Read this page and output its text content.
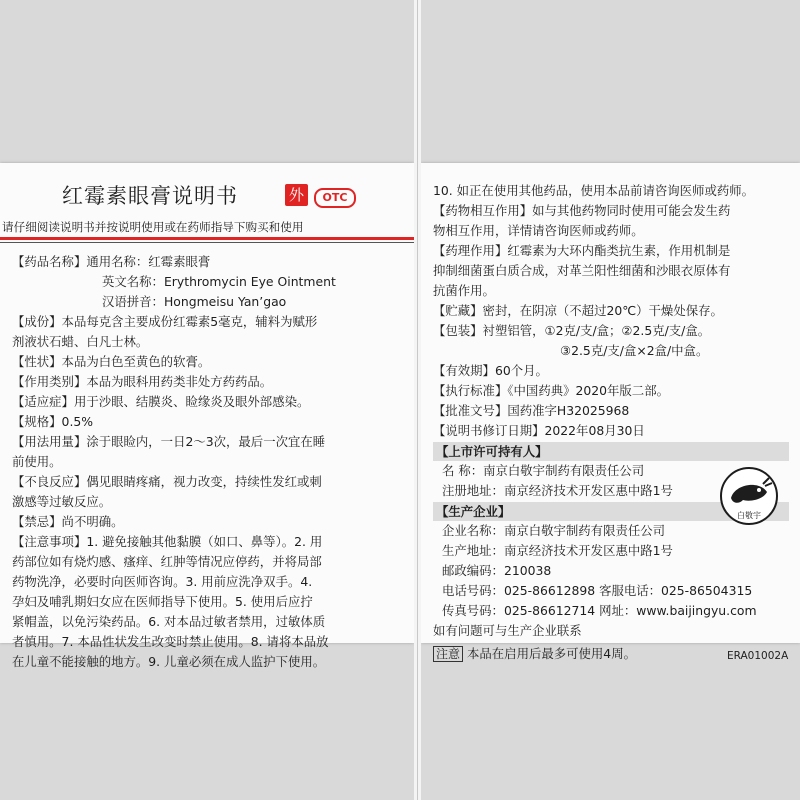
红霉素眼膏说明书	外	OTC
请仔细阅读说明书并按说明使用或在药师指导下购买和使用
【药品名称】通用名称：红霉素眼膏
英文名称：Erythromycin Eye Ointment
汉语拼音：Hongmeisu Yan’gao
【成份】本品每克含主要成份红霉素5毫克，辅料为赋形
剂液状石蜡、白凡士林。
【性状】本品为白色至黄色的软膏。
【作用类别】本品为眼科用药类非处方药药品。
【适应症】用于沙眼、结膜炎、睑缘炎及眼外部感染。
【规格】0.5%
【用法用量】涂于眼睑内，一日2～3次，最后一次宜在睡
前使用。
【不良反应】偶见眼睛疼痛，视力改变，持续性发红或刺
激感等过敏反应。
【禁忌】尚不明确。
【注意事项】1. 避免接触其他黏膜（如口、鼻等）。2. 用
药部位如有烧灼感、瘙痒、红肿等情况应停药，并将局部
药物洗净，必要时向医师咨询。3. 用前应洗净双手。4.
孕妇及哺乳期妇女应在医师指导下使用。5. 使用后应拧
紧帽盖，以免污染药品。6. 对本品过敏者禁用，过敏体质
者慎用。7. 本品性状发生改变时禁止使用。8. 请将本品放
在儿童不能接触的地方。9. 儿童必须在成人监护下使用。
10. 如正在使用其他药品，使用本品前请咨询医师或药师。
【药物相互作用】如与其他药物同时使用可能会发生药
物相互作用，详情请咨询医师或药师。
【药理作用】红霉素为大环内酯类抗生素，作用机制是
抑制细菌蛋白质合成，对革兰阳性细菌和沙眼衣原体有
抗菌作用。
【贮藏】密封，在阴凉（不超过20℃）干燥处保存。
【包装】衬塑铝管，①2克/支/盒；②2.5克/支/盒。
③2.5克/支/盒×2盒/中盒。
【有效期】60个月。
【执行标准】《中国药典》2020年版二部。
【批准文号】国药准字H32025968
【说明书修订日期】2022年08月30日
【上市许可持有人】
名 称：南京白敬宇制药有限责任公司
注册地址：南京经济技术开发区惠中路1号
【生产企业】
企业名称：南京白敬宇制药有限责任公司
生产地址：南京经济技术开发区惠中路1号
邮政编码：210038
电话号码：025-86612898 客服电话：025-86504315
传真号码：025-86612714 网址：www.baijingyu.com
如有问题可与生产企业联系
注意 本品在启用后最多可使用4周。	ERA01002A
白敬宇
